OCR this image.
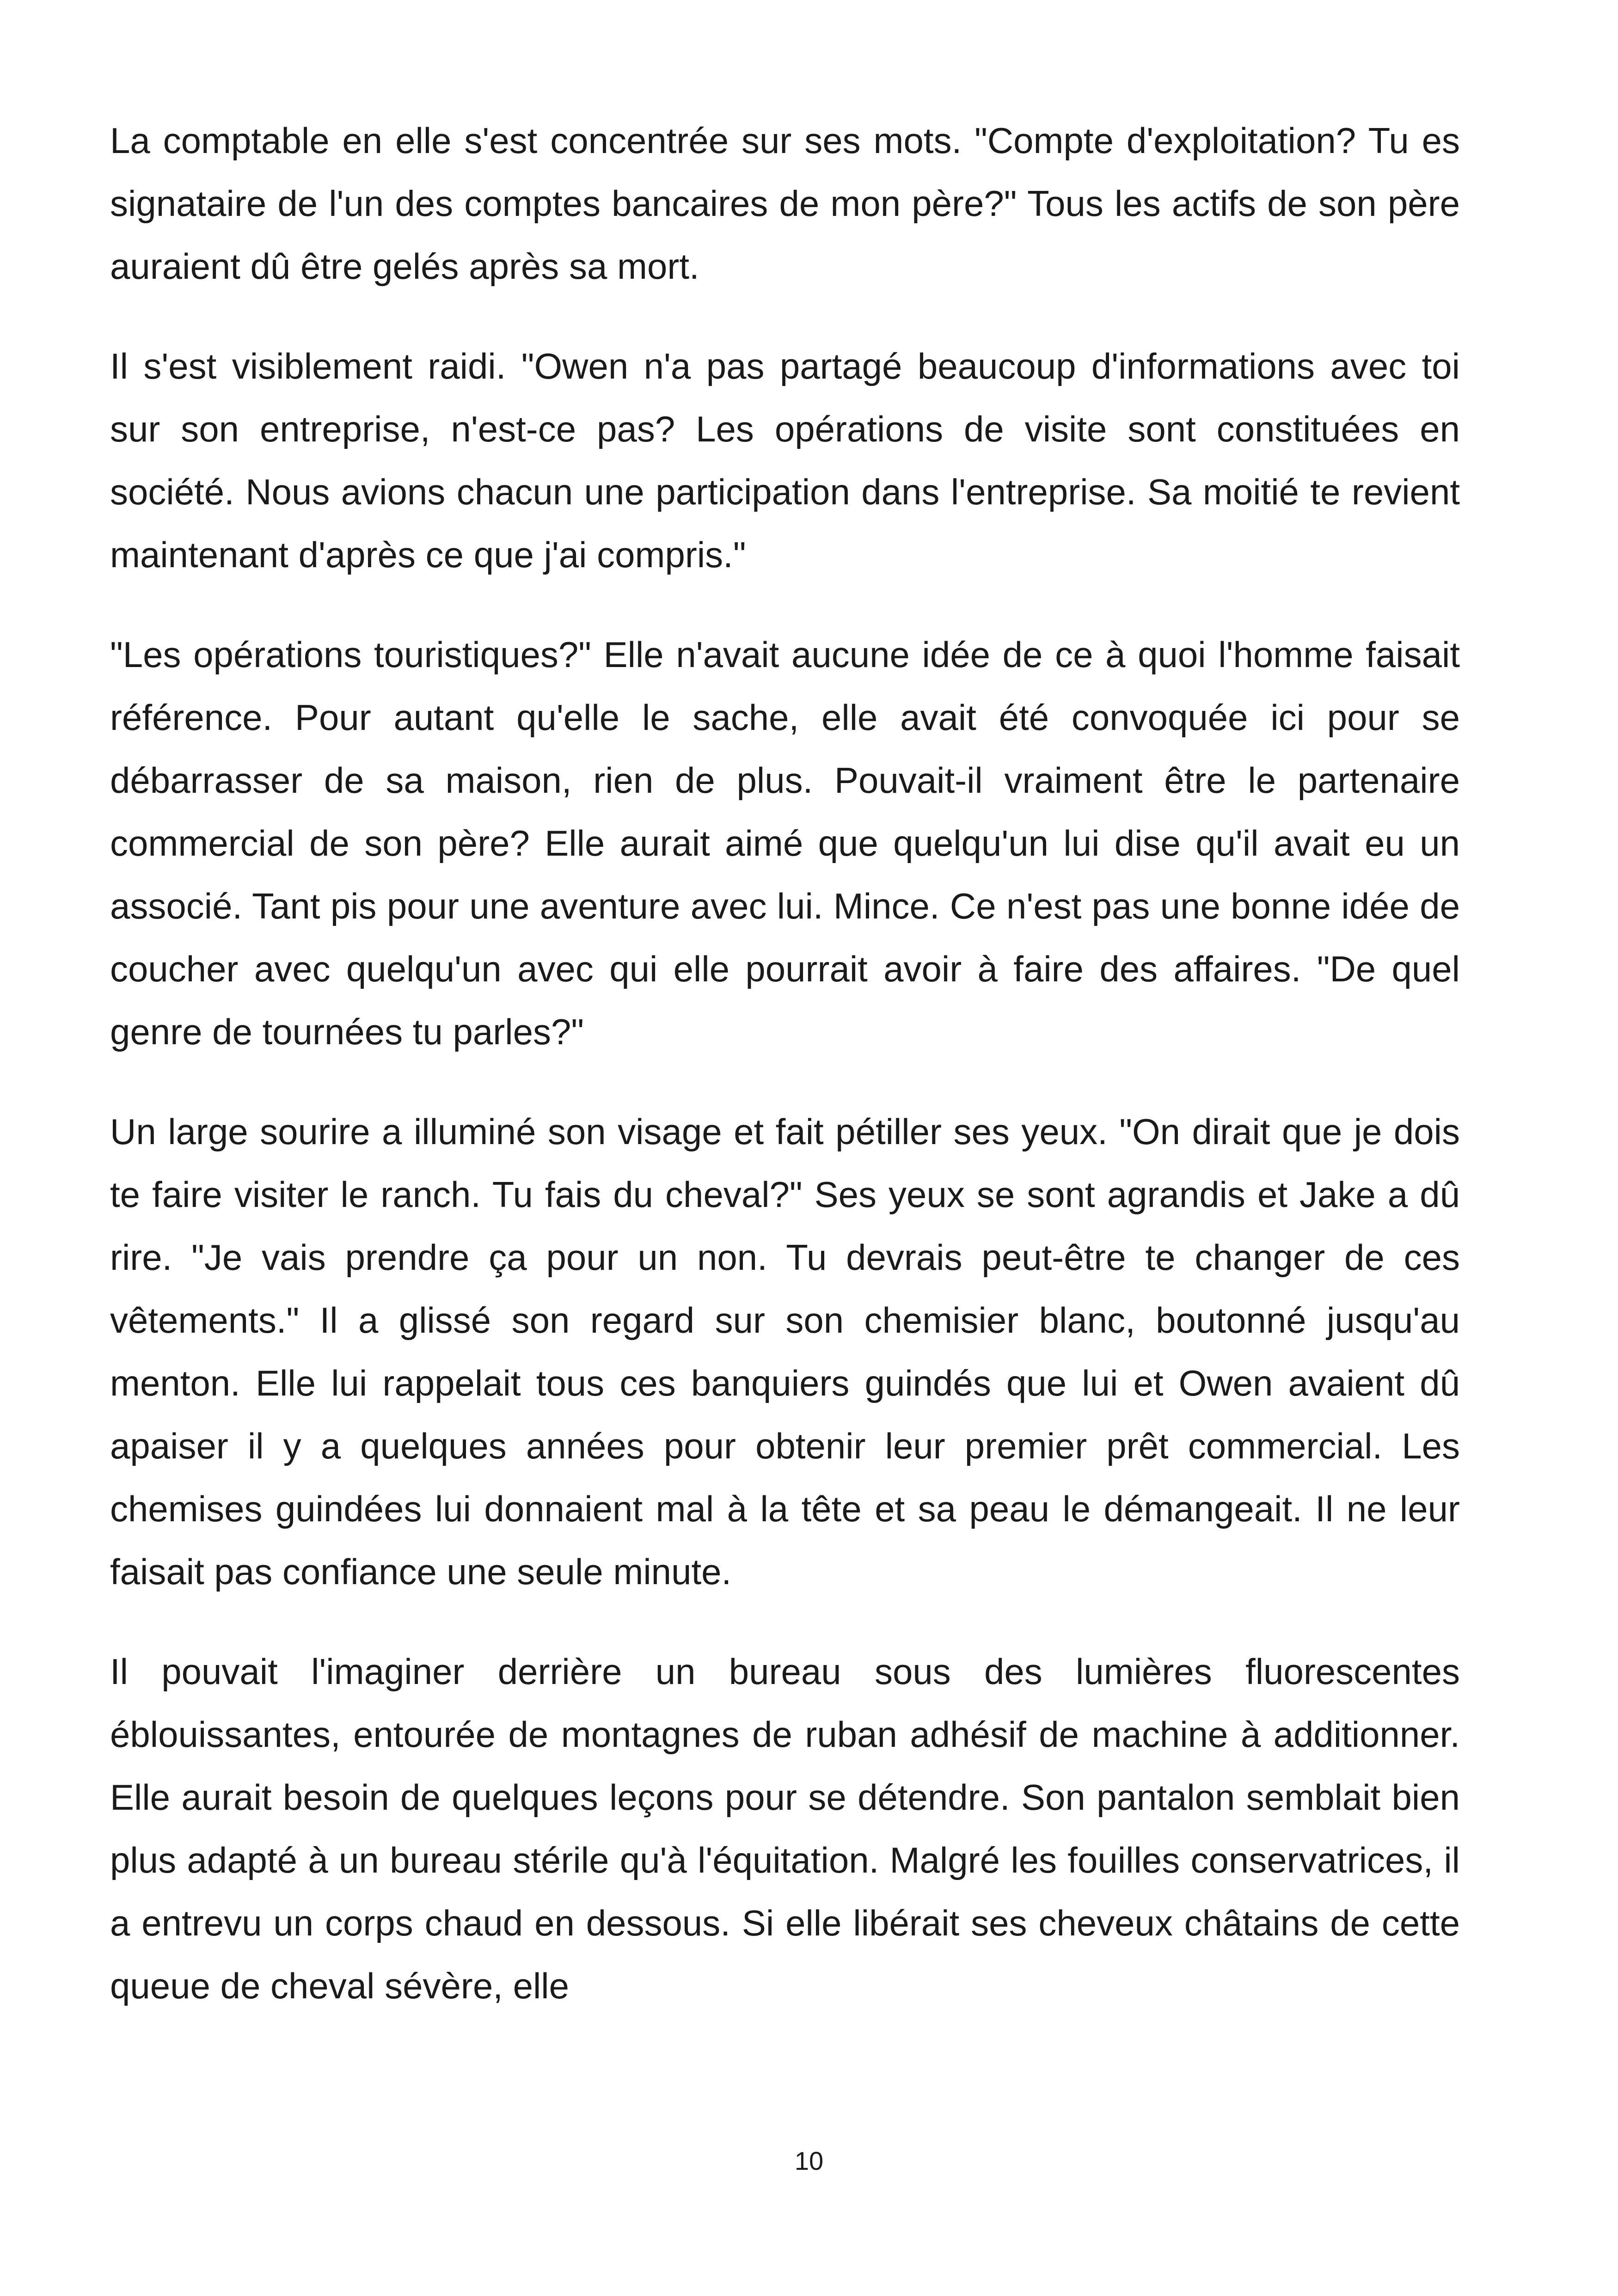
La comptable en elle s'est concentrée sur ses mots. "Compte d'exploitation? Tu es signataire de l'un des comptes bancaires de mon père?" Tous les actifs de son père auraient dû être gelés après sa mort.

Il s'est visiblement raidi. "Owen n'a pas partagé beaucoup d'informations avec toi sur son entreprise, n'est-ce pas? Les opérations de visite sont constituées en société. Nous avions chacun une participation dans l'entreprise. Sa moitié te revient maintenant d'après ce que j'ai compris."

"Les opérations touristiques?" Elle n'avait aucune idée de ce à quoi l'homme faisait référence. Pour autant qu'elle le sache, elle avait été convoquée ici pour se débarrasser de sa maison, rien de plus. Pouvait-il vraiment être le partenaire commercial de son père? Elle aurait aimé que quelqu'un lui dise qu'il avait eu un associé. Tant pis pour une aventure avec lui. Mince. Ce n'est pas une bonne idée de coucher avec quelqu'un avec qui elle pourrait avoir à faire des affaires. "De quel genre de tournées tu parles?"

Un large sourire a illuminé son visage et fait pétiller ses yeux. "On dirait que je dois te faire visiter le ranch. Tu fais du cheval?" Ses yeux se sont agrandis et Jake a dû rire. "Je vais prendre ça pour un non. Tu devrais peut-être te changer de ces vêtements." Il a glissé son regard sur son chemisier blanc, boutonné jusqu'au menton. Elle lui rappelait tous ces banquiers guindés que lui et Owen avaient dû apaiser il y a quelques années pour obtenir leur premier prêt commercial. Les chemises guindées lui donnaient mal à la tête et sa peau le démangeait. Il ne leur faisait pas confiance une seule minute.

Il pouvait l'imaginer derrière un bureau sous des lumières fluorescentes éblouissantes, entourée de montagnes de ruban adhésif de machine à additionner. Elle aurait besoin de quelques leçons pour se détendre. Son pantalon semblait bien plus adapté à un bureau stérile qu'à l'équitation. Malgré les fouilles conservatrices, il a entrevu un corps chaud en dessous. Si elle libérait ses cheveux châtains de cette queue de cheval sévère, elle

10
